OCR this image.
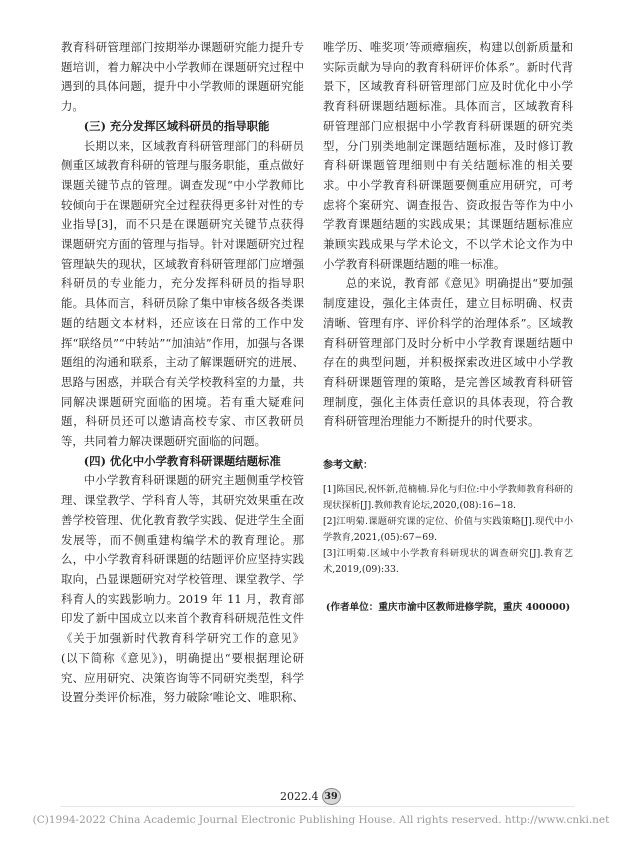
教育科研管理部门按期举办课题研究能力提升专题培训，着力解决中小学教师在课题研究过程中遇到的具体问题，提升中小学教师的课题研究能力。

(三) 充分发挥区域科研员的指导职能

长期以来，区域教育科研管理部门的科研员侧重区域教育科研的管理与服务职能，重点做好课题关键节点的管理。调查发现“中小学教师比较倾向于在课题研究全过程获得更多针对性的专业指导[3]，而不只是在课题研究关键节点获得课题研究方面的管理与指导。针对课题研究过程管理缺失的现状，区域教育科研管理部门应增强科研员的专业能力，充分发挥科研员的指导职能。具体而言，科研员除了集中审核各级各类课题的结题文本材料，还应该在日常的工作中发挥“联络员”“中转站”“加油站”作用，加强与各课题组的沟通和联系，主动了解课题研究的进展、思路与困惑，并联合有关学校教科室的力量，共同解决课题研究面临的困境。若有重大疑难问题，科研员还可以邀请高校专家、市区教研员等，共同着力解决课题研究面临的问题。

(四) 优化中小学教育科研课题结题标准

中小学教育科研课题的研究主题侧重学校管理、课堂教学、学科育人等，其研究效果重在改善学校管理、优化教育教学实践、促进学生全面发展等，而不侧重建构编学术的教育理论。那么，中小学教育科研课题的结题评价应坚持实践取向，凸显课题研究对学校管理、课堂教学、学科育人的实践影响力。2019 年 11 月，教育部印发了新中国成立以来首个教育科研规范性文件《关于加强新时代教育科学研究工作的意见》(以下简称《意见》)，明确提出“要根据理论研究、应用研究、决策咨询等不同研究类型，科学设置分类评价标准，努力破除‘唯论文、唯职称、

唯学历、唯奖项’等顽瘴痼疾，构建以创新质量和实际贡献为导向的教育科研评价体系”。新时代背景下，区域教育科研管理部门应及时优化中小学教育科研课题结题标准。具体而言，区域教育科研管理部门应根据中小学教育科研课题的研究类型，分门别类地制定课题结题标准，及时修订教育科研课题管理细则中有关结题标准的相关要求。中小学教育科研课题要侧重应用研究，可考虑将个案研究、调查报告、资政报告等作为中小学教育课题结题的实践成果；其课题结题标准应兼顾实践成果与学术论文，不以学术论文作为中小学教育科研课题结题的唯一标准。

总的来说，教育部《意见》明确提出“要加强制度建设，强化主体责任，建立目标明确、权责清晰、管理有序、评价科学的治理体系”。区域教育科研管理部门及时分析中小学教育课题结题中存在的典型问题，并积极探索改进区域中小学教育科研课题管理的策略，是完善区域教育科研管理制度，强化主体责任意识的具体表现，符合教育科研管理治理能力不断提升的时代要求。

参考文献：

[1]陈国民,祝怀新,范楠楠.异化与归位:中小学教师教育科研的现状探析[J].教师教育论坛,2020,(08):16−18.

[2]江明菊.课题研究课的定位、价值与实践策略[J].现代中小学教育,2021,(05):67−69.

[3]江明菊.区域中小学教育科研现状的调查研究[J].教育艺术,2019,(09):33.

(作者单位：重庆市渝中区教师进修学院，重庆 400000)

2022.4 39
(C)1994-2022 China Academic Journal Electronic Publishing House. All rights reserved. http://www.cnki.net
